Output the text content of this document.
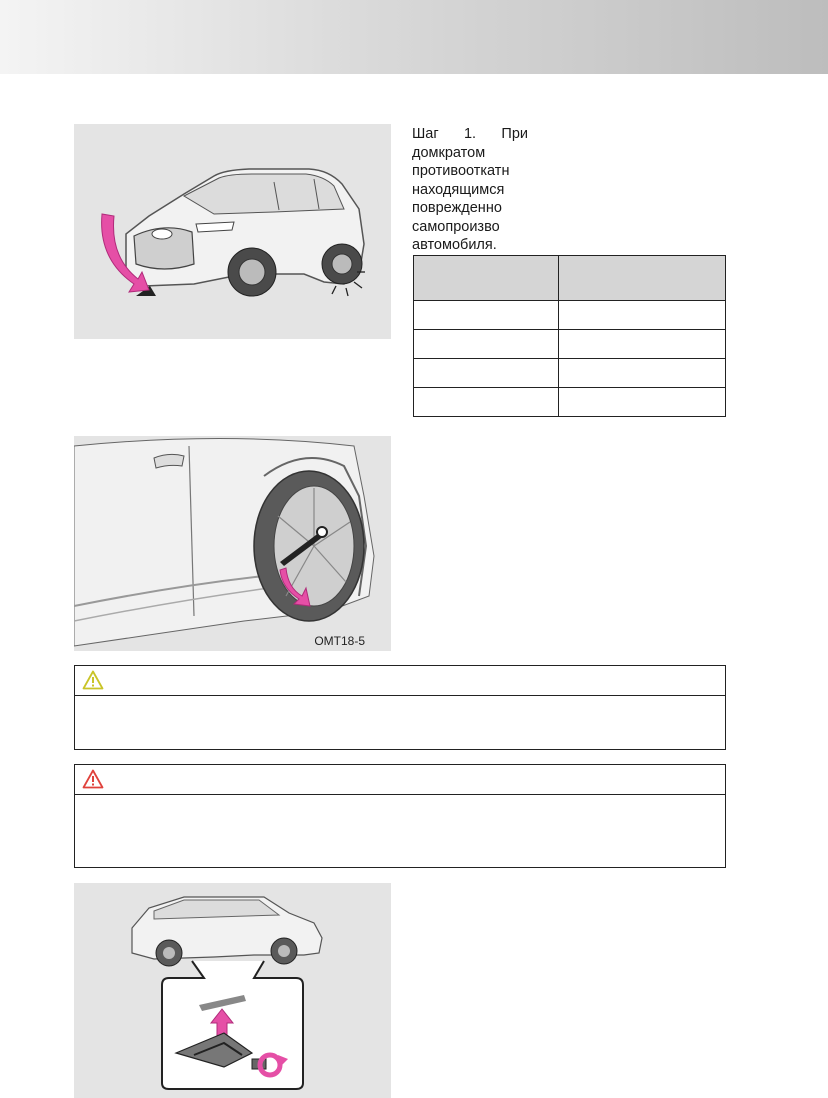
Шаг 1. При
домкратом
противооткатн
находящимся
поврежденно
самопроизво
автомобиля.

OMT18-5
